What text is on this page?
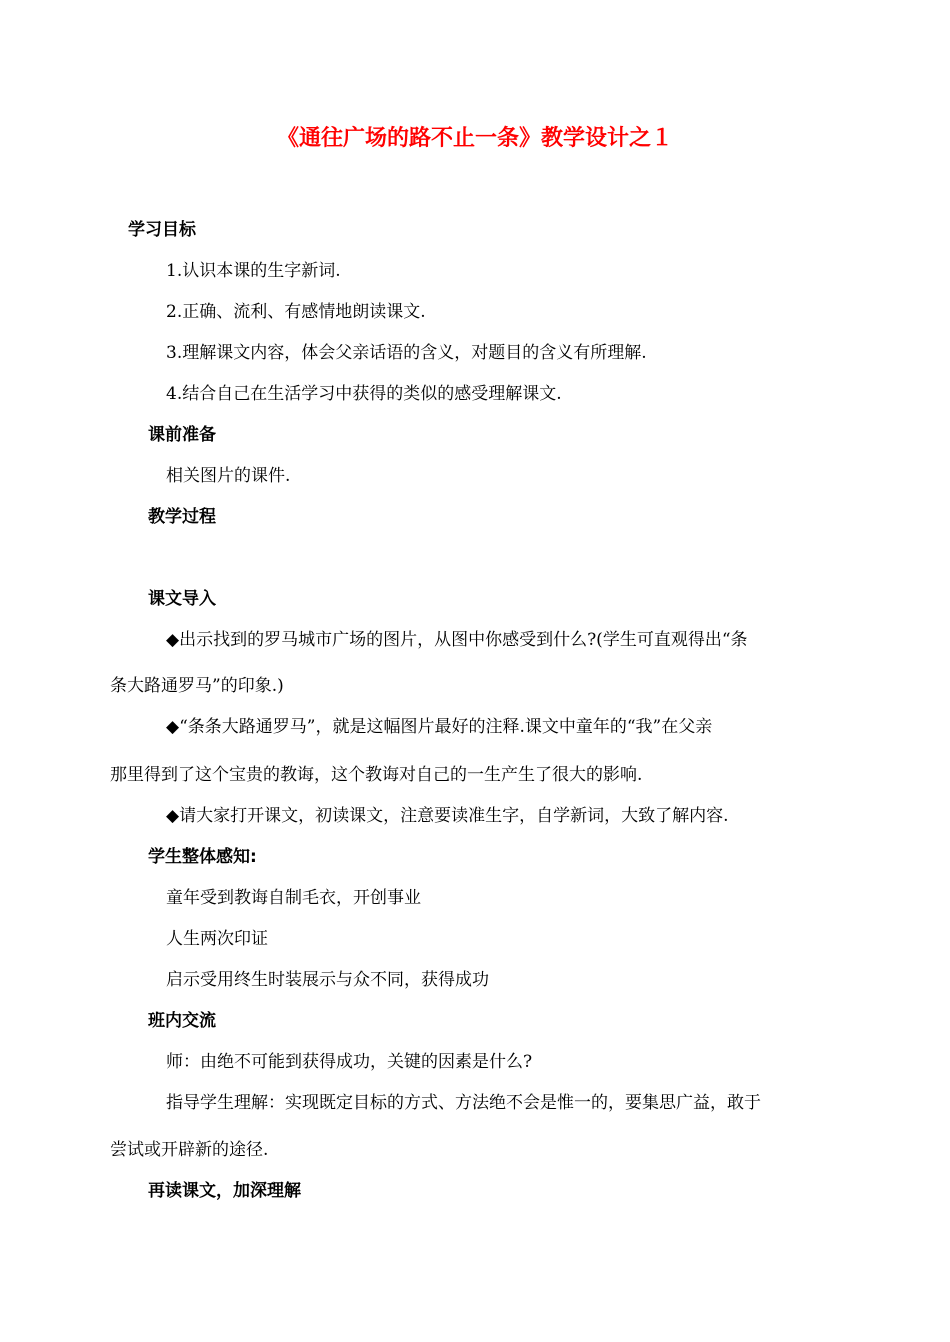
《通往广场的路不止一条》教学设计之１
学习目标
1.认识本课的生字新词.
2.正确、流利、有感情地朗读课文.
3.理解课文内容，体会父亲话语的含义，对题目的含义有所理解.
4.结合自己在生活学习中获得的类似的感受理解课文.
课前准备
相关图片的课件.
教学过程
课文导入
◆出示找到的罗马城市广场的图片，从图中你感受到什么?(学生可直观得出“条
条大路通罗马”的印象.)
◆“条条大路通罗马”，就是这幅图片最好的注释.课文中童年的“我”在父亲
那里得到了这个宝贵的教诲，这个教诲对自己的一生产生了很大的影响.
◆请大家打开课文，初读课文，注意要读准生字，自学新词，大致了解内容.
学生整体感知:
童年受到教诲自制毛衣，开创事业
人生两次印证
启示受用终生时装展示与众不同，获得成功
班内交流
师：由绝不可能到获得成功，关键的因素是什么?
指导学生理解：实现既定目标的方式、方法绝不会是惟一的，要集思广益，敢于
尝试或开辟新的途径.
再读课文，加深理解
